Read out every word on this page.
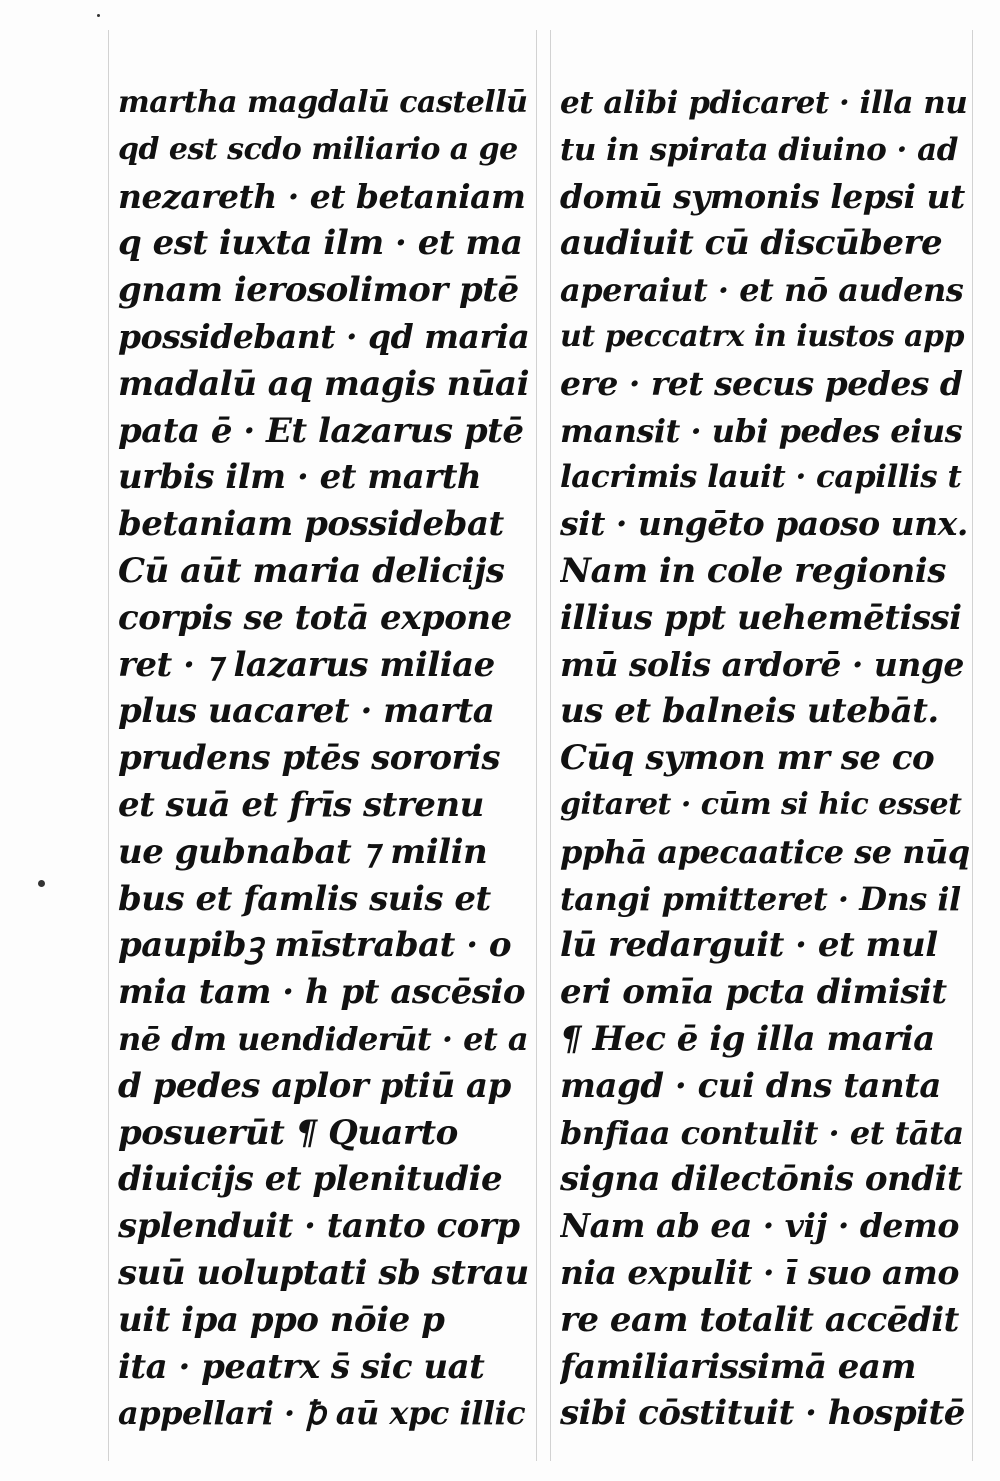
martha magdalū castellū
qd est scdo miliario a ge
nezareth · et betaniam
q est iuxta ilm · et ma
gnam ierosolimor ptē
possidebant · qd maria
madalū aq magis nūai
pata ē · Et lazarus ptē
urbis ilm · et marth
betaniam possidebat
Cū aūt maria delicijs
corpis se totā expone
ret · ⁊ lazarus miliae
plus uacaret · marta
prudens ptēs sororis
et suā et frīs strenu
ue gubnabat ⁊ milin
bus et famlis suis et
paupibꝫ mīstrabat · o
mia tam · h pt ascēsio
nē dm uendiderūt · et a
d pedes aplor ptiū ap
posuerūt ¶ Quarto
diuicijs et plenitudie
splenduit · tanto corp
suū uoluptati sb strau
uit ipa ppo nōie p
ita · peatrx s̄ sic uat
appellari · ꝥ aū xpc illic
et alibi pdicaret · illa nu
tu in spirata diuino · ad
domū symonis lepsi ut
audiuit cū discūbere
aperaiut · et nō audens
ut peccatrx in iustos app
ere · ret secus pedes d
mansit · ubi pedes eius
lacrimis lauit · capillis t
sit · ungēto paoso unx.
Nam in cole regionis
illius ppt uehemētissi
mū solis ardorē · unge
us et balneis utebāt.
Cūq symon mr se co
gitaret · cūm si hic esset
pphā apecaatice se nūq
tangi pmitteret · Dns il
lū redarguit · et mul
eri omīa pcta dimisit
¶ Hec ē ig illa maria
magd · cui dns tanta
bnfiaa contulit · et tāta
signa dilectōnis ondit
Nam ab ea · vij · demo
nia expulit · ī suo amo
re eam totalit accēdit
familiarissimā eam
sibi cōstituit · hospitē
